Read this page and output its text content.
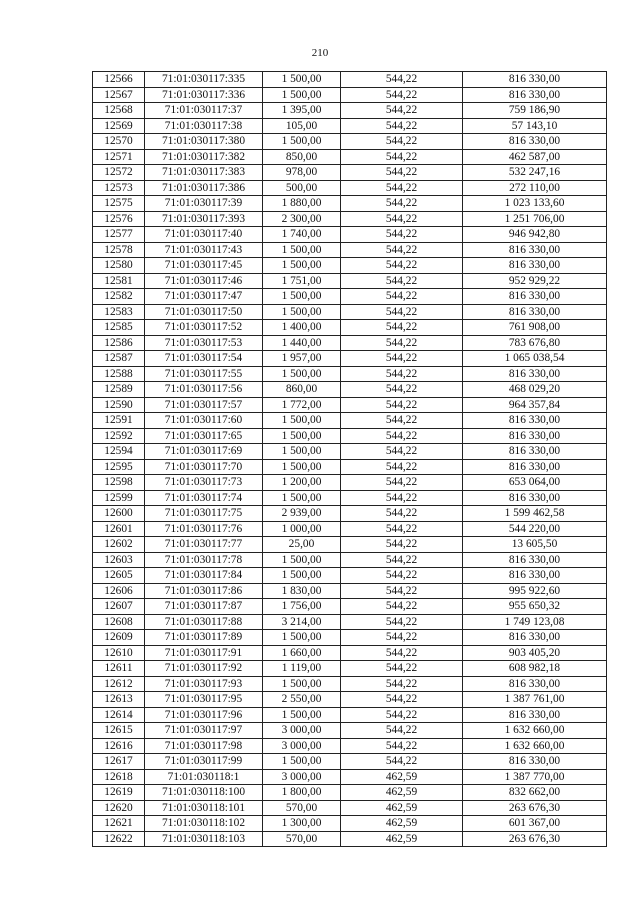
210
12566	71:01:030117:335	1 500,00	544,22	816 330,00
12567	71:01:030117:336	1 500,00	544,22	816 330,00
12568	71:01:030117:37	1 395,00	544,22	759 186,90
12569	71:01:030117:38	105,00	544,22	57 143,10
12570	71:01:030117:380	1 500,00	544,22	816 330,00
12571	71:01:030117:382	850,00	544,22	462 587,00
12572	71:01:030117:383	978,00	544,22	532 247,16
12573	71:01:030117:386	500,00	544,22	272 110,00
12575	71:01:030117:39	1 880,00	544,22	1 023 133,60
12576	71:01:030117:393	2 300,00	544,22	1 251 706,00
12577	71:01:030117:40	1 740,00	544,22	946 942,80
12578	71:01:030117:43	1 500,00	544,22	816 330,00
12580	71:01:030117:45	1 500,00	544,22	816 330,00
12581	71:01:030117:46	1 751,00	544,22	952 929,22
12582	71:01:030117:47	1 500,00	544,22	816 330,00
12583	71:01:030117:50	1 500,00	544,22	816 330,00
12585	71:01:030117:52	1 400,00	544,22	761 908,00
12586	71:01:030117:53	1 440,00	544,22	783 676,80
12587	71:01:030117:54	1 957,00	544,22	1 065 038,54
12588	71:01:030117:55	1 500,00	544,22	816 330,00
12589	71:01:030117:56	860,00	544,22	468 029,20
12590	71:01:030117:57	1 772,00	544,22	964 357,84
12591	71:01:030117:60	1 500,00	544,22	816 330,00
12592	71:01:030117:65	1 500,00	544,22	816 330,00
12594	71:01:030117:69	1 500,00	544,22	816 330,00
12595	71:01:030117:70	1 500,00	544,22	816 330,00
12598	71:01:030117:73	1 200,00	544,22	653 064,00
12599	71:01:030117:74	1 500,00	544,22	816 330,00
12600	71:01:030117:75	2 939,00	544,22	1 599 462,58
12601	71:01:030117:76	1 000,00	544,22	544 220,00
12602	71:01:030117:77	25,00	544,22	13 605,50
12603	71:01:030117:78	1 500,00	544,22	816 330,00
12605	71:01:030117:84	1 500,00	544,22	816 330,00
12606	71:01:030117:86	1 830,00	544,22	995 922,60
12607	71:01:030117:87	1 756,00	544,22	955 650,32
12608	71:01:030117:88	3 214,00	544,22	1 749 123,08
12609	71:01:030117:89	1 500,00	544,22	816 330,00
12610	71:01:030117:91	1 660,00	544,22	903 405,20
12611	71:01:030117:92	1 119,00	544,22	608 982,18
12612	71:01:030117:93	1 500,00	544,22	816 330,00
12613	71:01:030117:95	2 550,00	544,22	1 387 761,00
12614	71:01:030117:96	1 500,00	544,22	816 330,00
12615	71:01:030117:97	3 000,00	544,22	1 632 660,00
12616	71:01:030117:98	3 000,00	544,22	1 632 660,00
12617	71:01:030117:99	1 500,00	544,22	816 330,00
12618	71:01:030118:1	3 000,00	462,59	1 387 770,00
12619	71:01:030118:100	1 800,00	462,59	832 662,00
12620	71:01:030118:101	570,00	462,59	263 676,30
12621	71:01:030118:102	1 300,00	462,59	601 367,00
12622	71:01:030118:103	570,00	462,59	263 676,30
